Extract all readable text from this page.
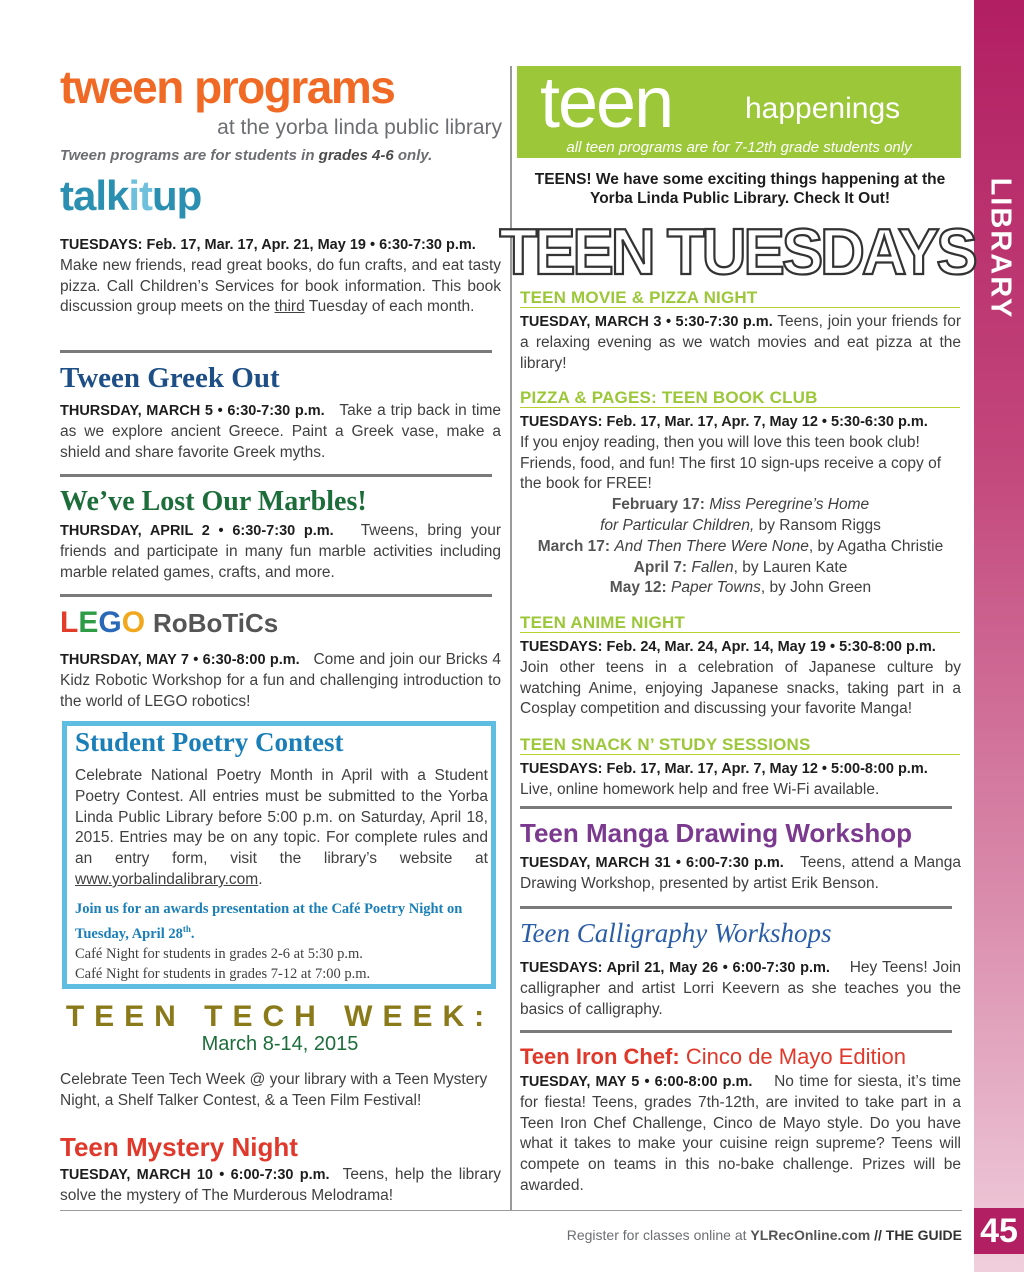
LIBRARY
45
tween programs
at the yorba linda public library
Tween programs are for students in grades 4-6 only.
talkitup

TUESDAYS: Feb. 17, Mar. 17, Apr. 21, May 19 • 6:30-7:30 p.m.

Make new friends, read great books, do fun crafts, and eat tasty pizza. Call Children’s Services for book information. This book discussion group meets on the third Tuesday of each month.

Tween Greek Out

THURSDAY, MARCH 5 • 6:30-7:30 p.m. Take a trip back in time as we explore ancient Greece. Paint a Greek vase, make a shield and share favorite Greek myths.

We’ve Lost Our Marbles!

THURSDAY, APRIL 2 • 6:30-7:30 p.m. Tweens, bring your friends and participate in many fun marble activities including marble related games, crafts, and more.

LEGO RoBoTiCs

THURSDAY, MAY 7 • 6:30-8:00 p.m. Come and join our Bricks 4 Kidz Robotic Workshop for a fun and challenging introduction to the world of LEGO robotics!

Student Poetry Contest

Celebrate National Poetry Month in April with a Student Poetry Contest. All entries must be submitted to the Yorba Linda Public Library before 5:00 p.m. on Saturday, April 18, 2015. Entries may be on any topic. For complete rules and an entry form, visit the library’s website at www.yorbalindalibrary.com.

Join us for an awards presentation at the Café Poetry Night on Tuesday, April 28th.

Café Night for students in grades 2-6 at 5:30 p.m.

Café Night for students in grades 7-12 at 7:00 p.m.

TEEN TECH WEEK:
March 8-14, 2015

Celebrate Teen Tech Week @ your library with a Teen Mystery Night, a Shelf Talker Contest, & a Teen Film Festival!

Teen Mystery Night

TUESDAY, MARCH 10 • 6:00-7:30 p.m. Teens, help the library solve the mystery of The Murderous Melodrama!

teen happenings
all teen programs are for 7-12th grade students only
TEENS! We have some exciting things happening at the Yorba Linda Public Library. Check It Out!
TEEN TUESDAYS
TEEN MOVIE & PIZZA NIGHT

TUESDAY, MARCH 3 • 5:30-7:30 p.m. Teens, join your friends for a relaxing evening as we watch movies and eat pizza at the library!

PIZZA & PAGES: TEEN BOOK CLUB

TUESDAYS: Feb. 17, Mar. 17, Apr. 7, May 12 • 5:30-6:30 p.m.

If you enjoy reading, then you will love this teen book club! Friends, food, and fun! The first 10 sign-ups receive a copy of the book for FREE!

February 17: Miss Peregrine’s Home

for Particular Children, by Ransom Riggs

March 17: And Then There Were None, by Agatha Christie

April 7: Fallen, by Lauren Kate

May 12: Paper Towns, by John Green

TEEN ANIME NIGHT

TUESDAYS: Feb. 24, Mar. 24, Apr. 14, May 19 • 5:30-8:00 p.m.

Join other teens in a celebration of Japanese culture by watching Anime, enjoying Japanese snacks, taking part in a Cosplay competition and discussing your favorite Manga!

TEEN SNACK N’ STUDY SESSIONS

TUESDAYS: Feb. 17, Mar. 17, Apr. 7, May 12 • 5:00-8:00 p.m.

Live, online homework help and free Wi-Fi available.

Teen Manga Drawing Workshop

TUESDAY, MARCH 31 • 6:00-7:30 p.m. Teens, attend a Manga Drawing Workshop, presented by artist Erik Benson.

Teen Calligraphy Workshops

TUESDAYS: April 21, May 26 • 6:00-7:30 p.m. Hey Teens! Join calligrapher and artist Lorri Keevern as she teaches you the basics of calligraphy.

Teen Iron Chef: Cinco de Mayo Edition

TUESDAY, MAY 5 • 6:00-8:00 p.m. No time for siesta, it’s time for fiesta! Teens, grades 7th-12th, are invited to take part in a Teen Iron Chef Challenge, Cinco de Mayo style. Do you have what it takes to make your cuisine reign supreme? Teens will compete on teams in this no-bake challenge. Prizes will be awarded.

Register for classes online at YLRecOnline.com // THE GUIDE
